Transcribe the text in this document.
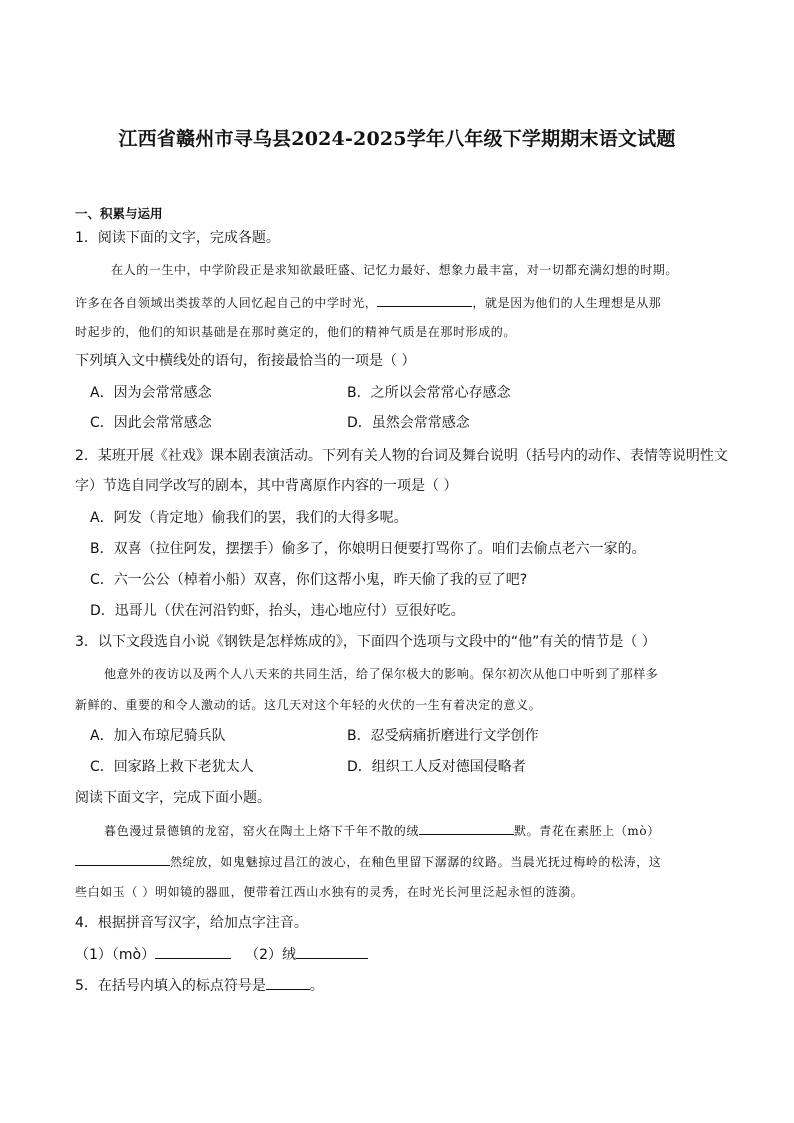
江西省赣州市寻乌县2024-2025学年八年级下学期期末语文试题
一、积累与运用
1．阅读下面的文字，完成各题。
在人的一生中，中学阶段正是求知欲最旺盛、记忆力最好、想象力最丰富，对一切都充满幻想的时期。
许多在各自领域出类拔萃的人回忆起自己的中学时光，	，就是因为他们的人生理想是从那
时起步的，他们的知识基础是在那时奠定的，他们的精神气质是在那时形成的。
下列填入文中横线处的语句，衔接最恰当的一项是（ ）
A．因为会常常感念	B．之所以会常常心存感念
C．因此会常常感念	D．虽然会常常感念
2．某班开展《社戏》课本剧表演活动。下列有关人物的台词及舞台说明（括号内的动作、表情等说明性文
字）节选自同学改写的剧本，其中背离原作内容的一项是（ ）
A．阿发（肯定地）偷我们的罢，我们的大得多呢。
B．双喜（拉住阿发，摆摆手）偷多了，你娘明日便要打骂你了。咱们去偷点老六一家的。
C．六一公公（棹着小船）双喜，你们这帮小鬼，昨天偷了我的豆了吧?
D．迅哥儿（伏在河沿钓虾，抬头，违心地应付）豆很好吃。
3．以下文段选自小说《钢铁是怎样炼成的》，下面四个选项与文段中的“他”有关的情节是（ ）
他意外的夜访以及两个人八天来的共同生活，给了保尔极大的影响。保尔初次从他口中听到了那样多
新鲜的、重要的和令人激动的话。这几天对这个年轻的火伏的一生有着决定的意义。
A．加入布琼尼骑兵队	B．忍受病痛折磨进行文学创作
C．回家路上救下老犹太人	D．组织工人反对德国侵略者
阅读下面文字，完成下面小题。
暮色漫过景德镇的龙窑，窑火在陶土上烙下千年不散的绒	默。青花在素胚上（mò）
然绽放，如鬼魅掠过昌江的波心，在釉色里留下潺潺的纹路。当晨光抚过梅岭的松涛，这
些白如玉（ ）明如镜的器皿，便带着江西山水独有的灵秀，在时光长河里泛起永恒的涟漪。
4．根据拼音写汉字，给加点字注音。
（1）（mò）	（2）绒
5．在括号内填入的标点符号是	。
